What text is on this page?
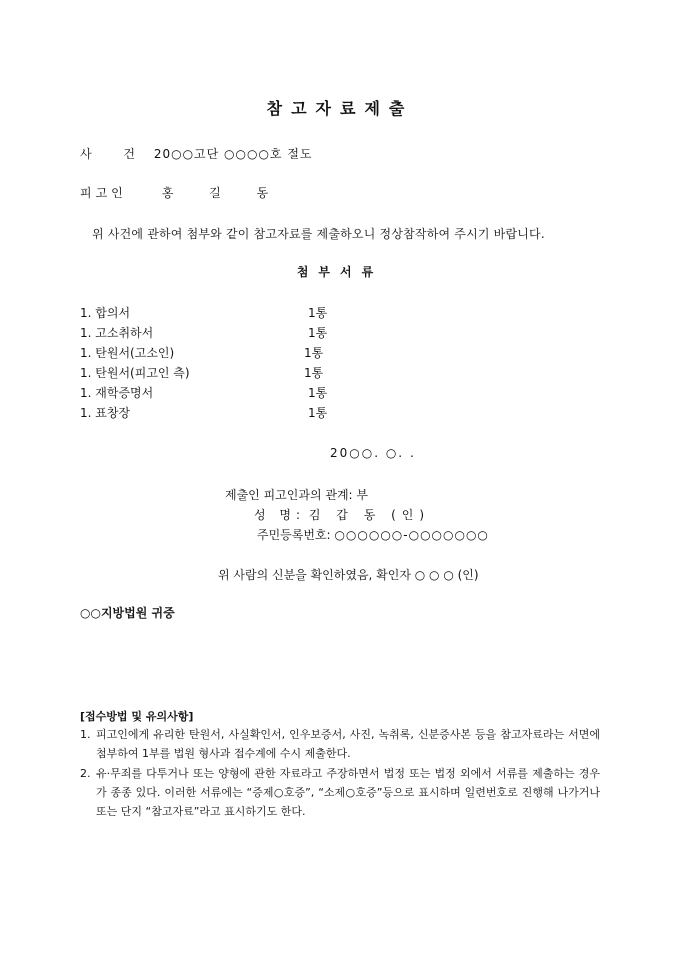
참고자료제출
사 건 20○○고단 ○○○○호 절도
피고인	홍 길 동
위 사건에 관하여 첨부와 같이 참고자료를 제출하오니 정상참작하여 주시기 바랍니다.
첨부서류
1. 합의서	1통
1. 고소취하서	1통
1. 탄원서(고소인)	1통
1. 탄원서(피고인 측)	1통
1. 재학증명서	1통
1. 표창장	1통
20○○. ○. .
제출인 피고인과의 관계: 부
성 명: 김 갑 동 (인)
주민등록번호: ○○○○○○-○○○○○○○
위 사람의 신분을 확인하였음, 확인자 ○ ○ ○ (인)
○○지방법원 귀중
[접수방법 및 유의사항]
1. 피고인에게 유리한 탄원서, 사실확인서, 인우보증서, 사진, 녹취록, 신분증사본 등을 참고자료라는 서면에 첨부하여 1부를 법원 형사과 접수계에 수시 제출한다.
2. 유·무죄를 다투거나 또는 양형에 관한 자료라고 주장하면서 법정 또는 법정 외에서 서류를 제출하는 경우가 종종 있다. 이러한 서류에는 “증제○호증”, “소제○호증”등으로 표시하며 일련번호로 진행해 나가거나 또는 단지 “참고자료”라고 표시하기도 한다.
